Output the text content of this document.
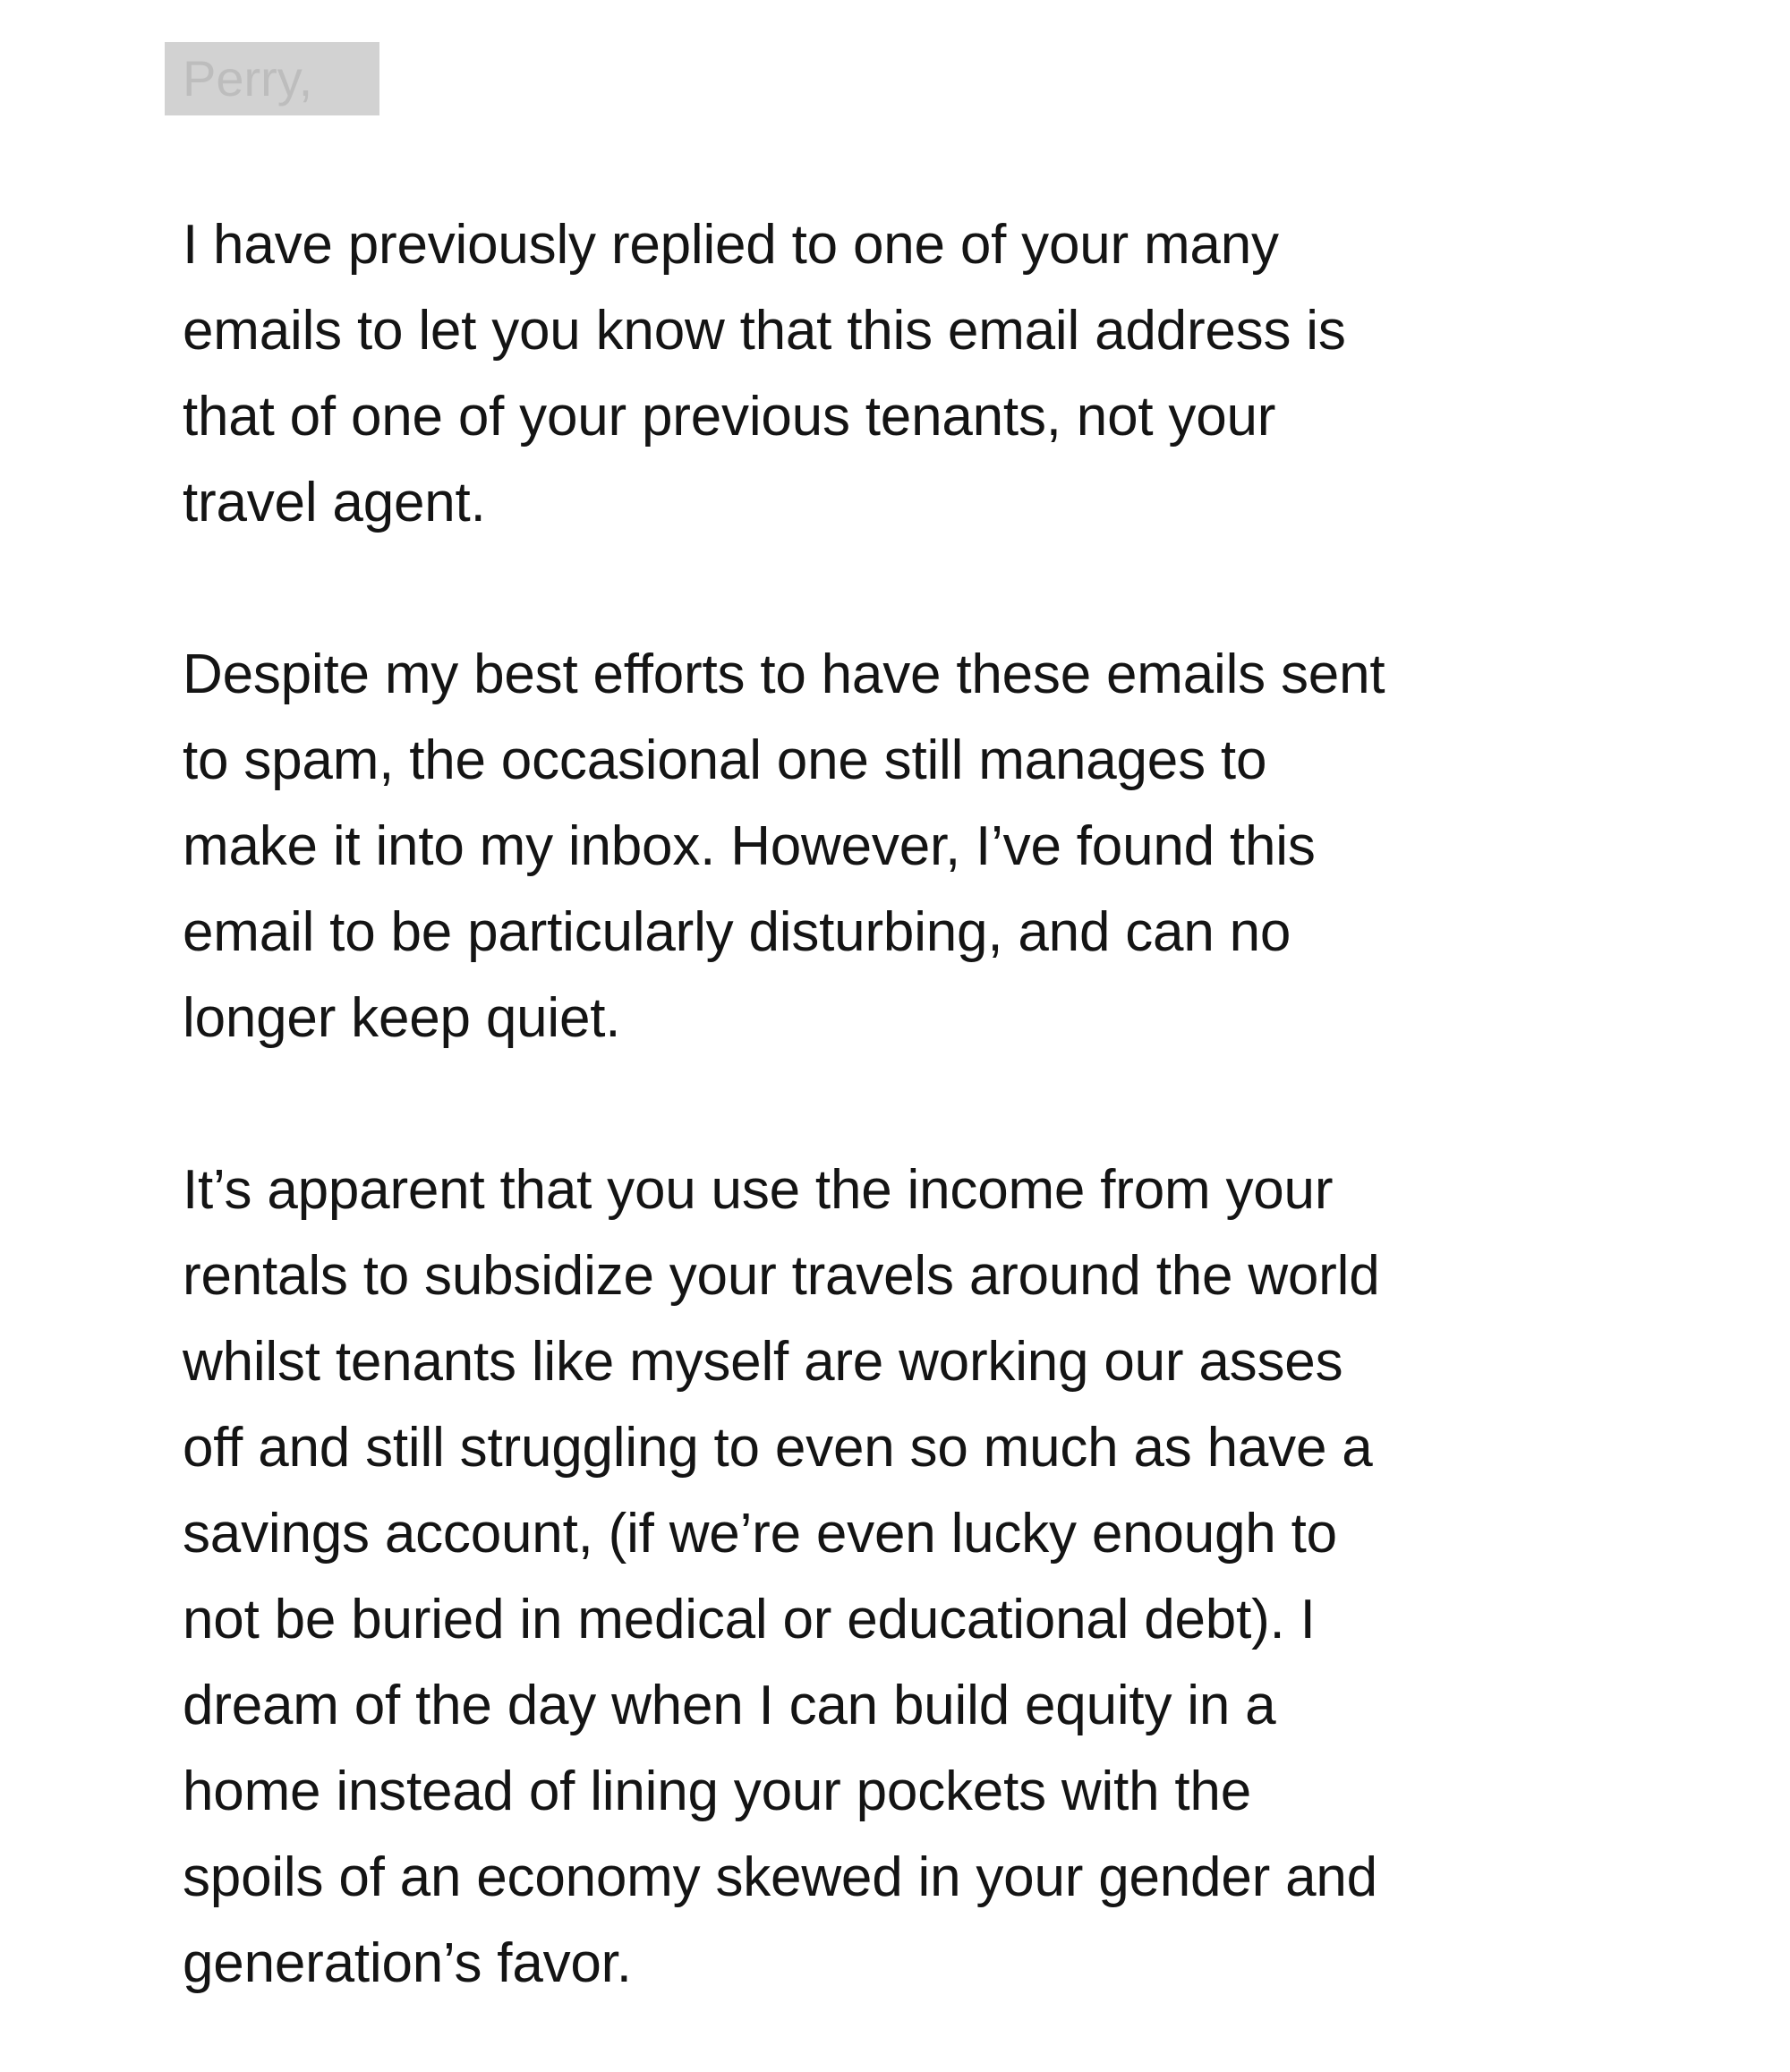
Perry,

I have previously replied to one of your many
emails to let you know that this email address is
that of one of your previous tenants, not your
travel agent.

Despite my best efforts to have these emails sent
to spam, the occasional one still manages to
make it into my inbox. However, I’ve found this
email to be particularly disturbing, and can no
longer keep quiet.

It’s apparent that you use the income from your
rentals to subsidize your travels around the world
whilst tenants like myself are working our asses
off and still struggling to even so much as have a
savings account, (if we’re even lucky enough to
not be buried in medical or educational debt). I
dream of the day when I can build equity in a
home instead of lining your pockets with the
spoils of an economy skewed in your gender and
generation’s favor.
